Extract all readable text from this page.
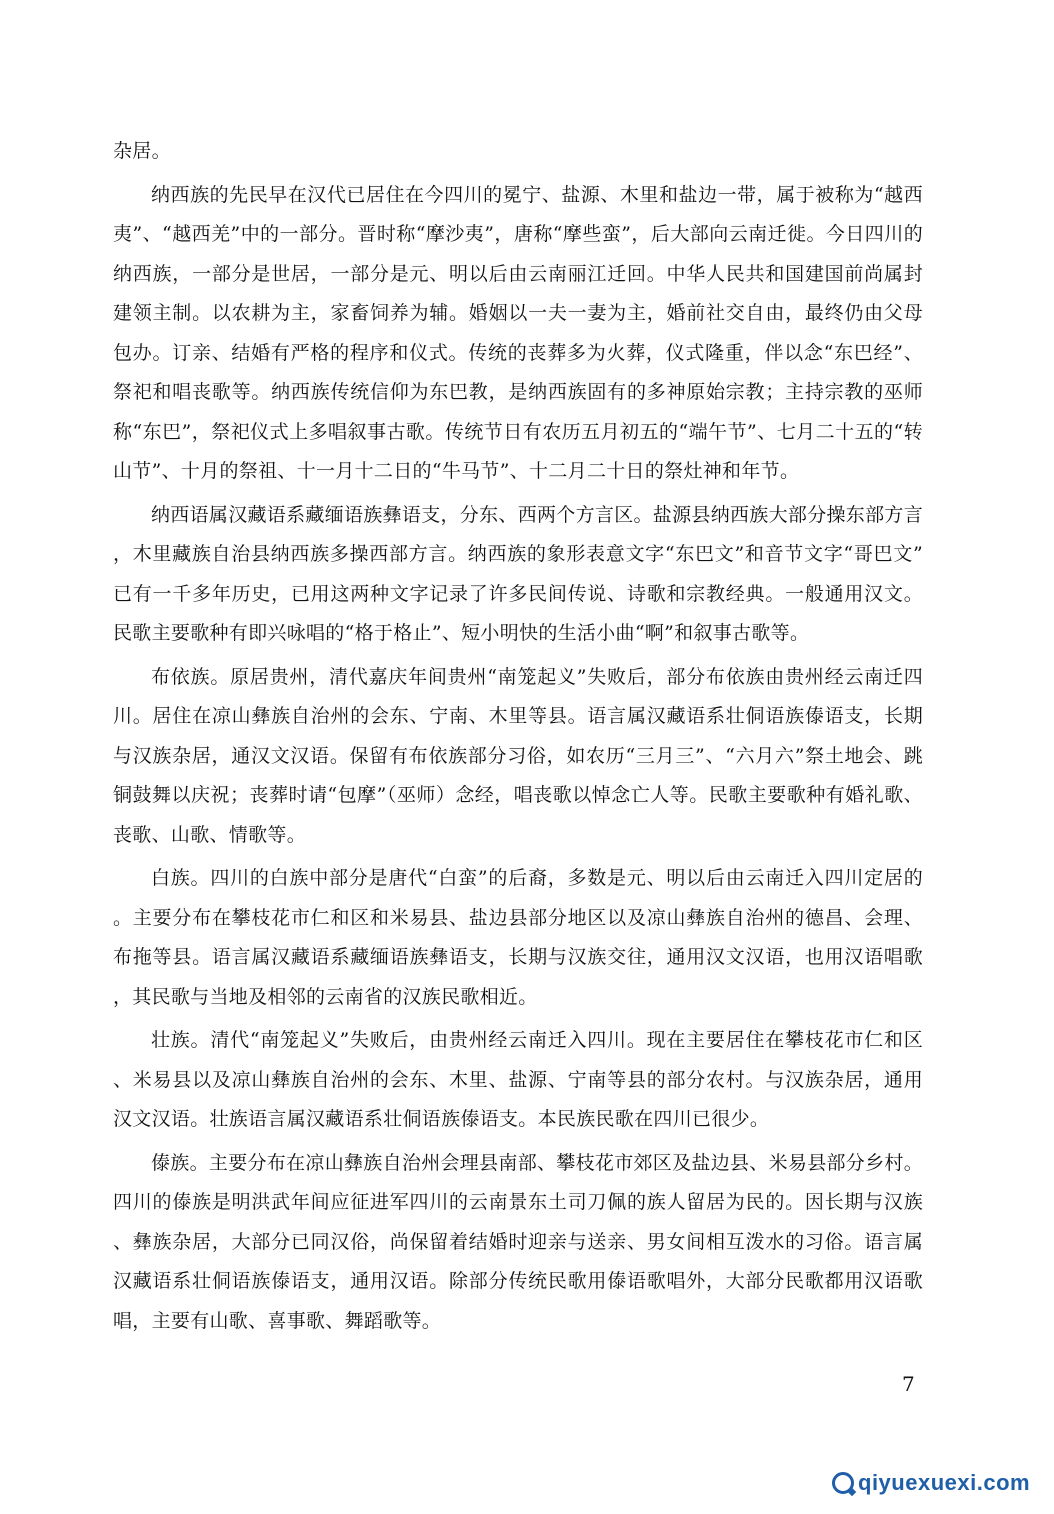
杂居。

纳西族的先民早在汉代已居住在今四川的冕宁、盐源、木里和盐边一带，属于被称为“越西夷”、“越西羌”中的一部分。晋时称“摩沙夷”，唐称“摩些蛮”，后大部向云南迁徙。今日四川的纳西族，一部分是世居，一部分是元、明以后由云南丽江迁回。中华人民共和国建国前尚属封建领主制。以农耕为主，家畜饲养为辅。婚姻以一夫一妻为主，婚前社交自由，最终仍由父母包办。订亲、结婚有严格的程序和仪式。传统的丧葬多为火葬，仪式隆重，伴以念“东巴经”、祭祀和唱丧歌等。纳西族传统信仰为东巴教，是纳西族固有的多神原始宗教；主持宗教的巫师称“东巴”，祭祀仪式上多唱叙事古歌。传统节日有农历五月初五的“端午节”、七月二十五的“转山节”、十月的祭祖、十一月十二日的“牛马节”、十二月二十日的祭灶神和年节。

纳西语属汉藏语系藏缅语族彝语支，分东、西两个方言区。盐源县纳西族大部分操东部方言，木里藏族自治县纳西族多操西部方言。纳西族的象形表意文字“东巴文”和音节文字“哥巴文”已有一千多年历史，已用这两种文字记录了许多民间传说、诗歌和宗教经典。一般通用汉文。民歌主要歌种有即兴咏唱的“格于格止”、短小明快的生活小曲“啊”和叙事古歌等。

布依族。原居贵州，清代嘉庆年间贵州“南笼起义”失败后，部分布依族由贵州经云南迁四川。居住在凉山彝族自治州的会东、宁南、木里等县。语言属汉藏语系壮侗语族傣语支，长期与汉族杂居，通汉文汉语。保留有布依族部分习俗，如农历“三月三”、“六月六”祭土地会、跳铜鼓舞以庆祝；丧葬时请“包摩”（巫师）念经，唱丧歌以悼念亡人等。民歌主要歌种有婚礼歌、丧歌、山歌、情歌等。

白族。四川的白族中部分是唐代“白蛮”的后裔，多数是元、明以后由云南迁入四川定居的。主要分布在攀枝花市仁和区和米易县、盐边县部分地区以及凉山彝族自治州的德昌、会理、布拖等县。语言属汉藏语系藏缅语族彝语支，长期与汉族交往，通用汉文汉语，也用汉语唱歌，其民歌与当地及相邻的云南省的汉族民歌相近。

壮族。清代“南笼起义”失败后，由贵州经云南迁入四川。现在主要居住在攀枝花市仁和区、米易县以及凉山彝族自治州的会东、木里、盐源、宁南等县的部分农村。与汉族杂居，通用汉文汉语。壮族语言属汉藏语系壮侗语族傣语支。本民族民歌在四川已很少。

傣族。主要分布在凉山彝族自治州会理县南部、攀枝花市郊区及盐边县、米易县部分乡村。四川的傣族是明洪武年间应征进军四川的云南景东土司刀佩的族人留居为民的。因长期与汉族、彝族杂居，大部分已同汉俗，尚保留着结婚时迎亲与送亲、男女间相互泼水的习俗。语言属汉藏语系壮侗语族傣语支，通用汉语。除部分传统民歌用傣语歌唱外，大部分民歌都用汉语歌唱，主要有山歌、喜事歌、舞蹈歌等。

7
qiyuexuexi.com
